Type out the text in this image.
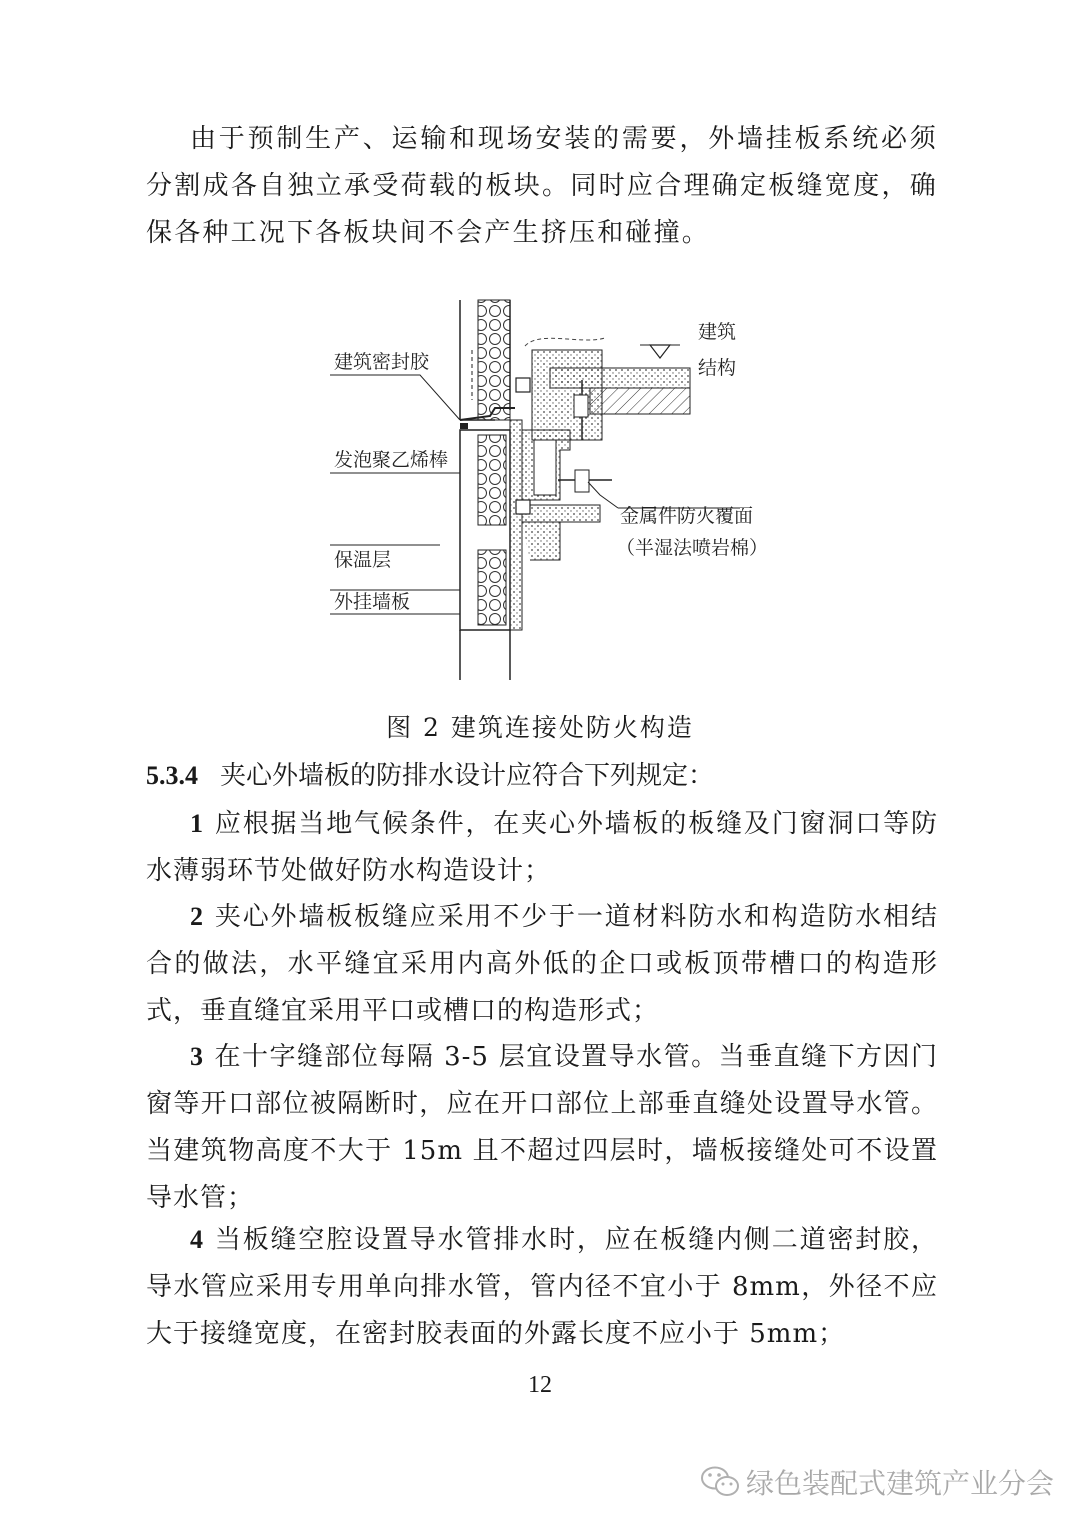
由于预制生产、运输和现场安装的需要，外墙挂板系统必须分割成各自独立承受荷载的板块。同时应合理确定板缝宽度，确保各种工况下各板块间不会产生挤压和碰撞。

建筑密封胶
建筑
结构
发泡聚乙烯棒
金属件防火覆面
（半湿法喷岩棉）
保温层
外挂墙板
图 2 建筑连接处防火构造
5.3.4 夹心外墙板的防排水设计应符合下列规定：

1 应根据当地气候条件，在夹心外墙板的板缝及门窗洞口等防水薄弱环节处做好防水构造设计；

2 夹心外墙板板缝应采用不少于一道材料防水和构造防水相结合的做法，水平缝宜采用内高外低的企口或板顶带槽口的构造形式，垂直缝宜采用平口或槽口的构造形式；

3 在十字缝部位每隔 3-5 层宜设置导水管。当垂直缝下方因门窗等开口部位被隔断时，应在开口部位上部垂直缝处设置导水管。当建筑物高度不大于 15m 且不超过四层时，墙板接缝处可不设置导水管；

4 当板缝空腔设置导水管排水时，应在板缝内侧二道密封胶，导水管应采用专用单向排水管，管内径不宜小于 8mm，外径不应大于接缝宽度，在密封胶表面的外露长度不应小于 5mm；

12
绿色装配式建筑产业分会
